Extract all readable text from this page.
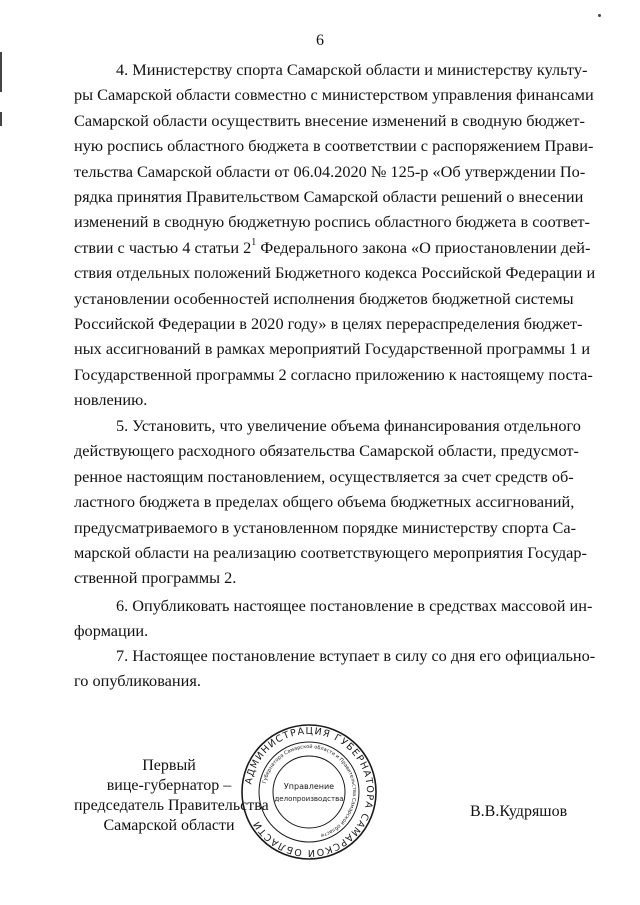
6
4. Министерству спорта Самарской области и министерству культу-
ры Самарской области совместно с министерством управления финансами
Самарской области осуществить внесение изменений в сводную бюджет-
ную роспись областного бюджета в соответствии с распоряжением Прави-
тельства Самарской области от 06.04.2020 № 125-р «Об утверждении По-
рядка принятия Правительством Самарской области решений о внесении
изменений в сводную бюджетную роспись областного бюджета в соответ-
ствии с частью 4 статьи $2^1$ Федерального закона «О приостановлении дей-
ствия отдельных положений Бюджетного кодекса Российской Федерации и
установлении особенностей исполнения бюджетов бюджетной системы
Российской Федерации в 2020 году» в целях перераспределения бюджет-
ных ассигнований в рамках мероприятий Государственной программы 1 и
Государственной программы 2 согласно приложению к настоящему поста-
новлению.
5. Установить, что увеличение объема финансирования отдельного
действующего расходного обязательства Самарской области, предусмот-
ренное настоящим постановлением, осуществляется за счет средств об-
ластного бюджета в пределах общего объема бюджетных ассигнований,
предусматриваемого в установленном порядке министерству спорта Са-
марской области на реализацию соответствующего мероприятия Государ-
ственной программы 2.
6. Опубликовать настоящее постановление в средствах массовой ин-
формации.
7. Настоящее постановление вступает в силу со дня его официально-
го опубликования.
Первый
вице-губернатор –
председатель Правительства
Самарской области
АДМИНИСТРАЦИЯ ГУБЕРНАТОРА САМАРСКОЙ ОБЛАСТИ
Губернатора Самарской области и Правительства Самарской области
Управление
делопроизводства
В.В.Кудряшов
